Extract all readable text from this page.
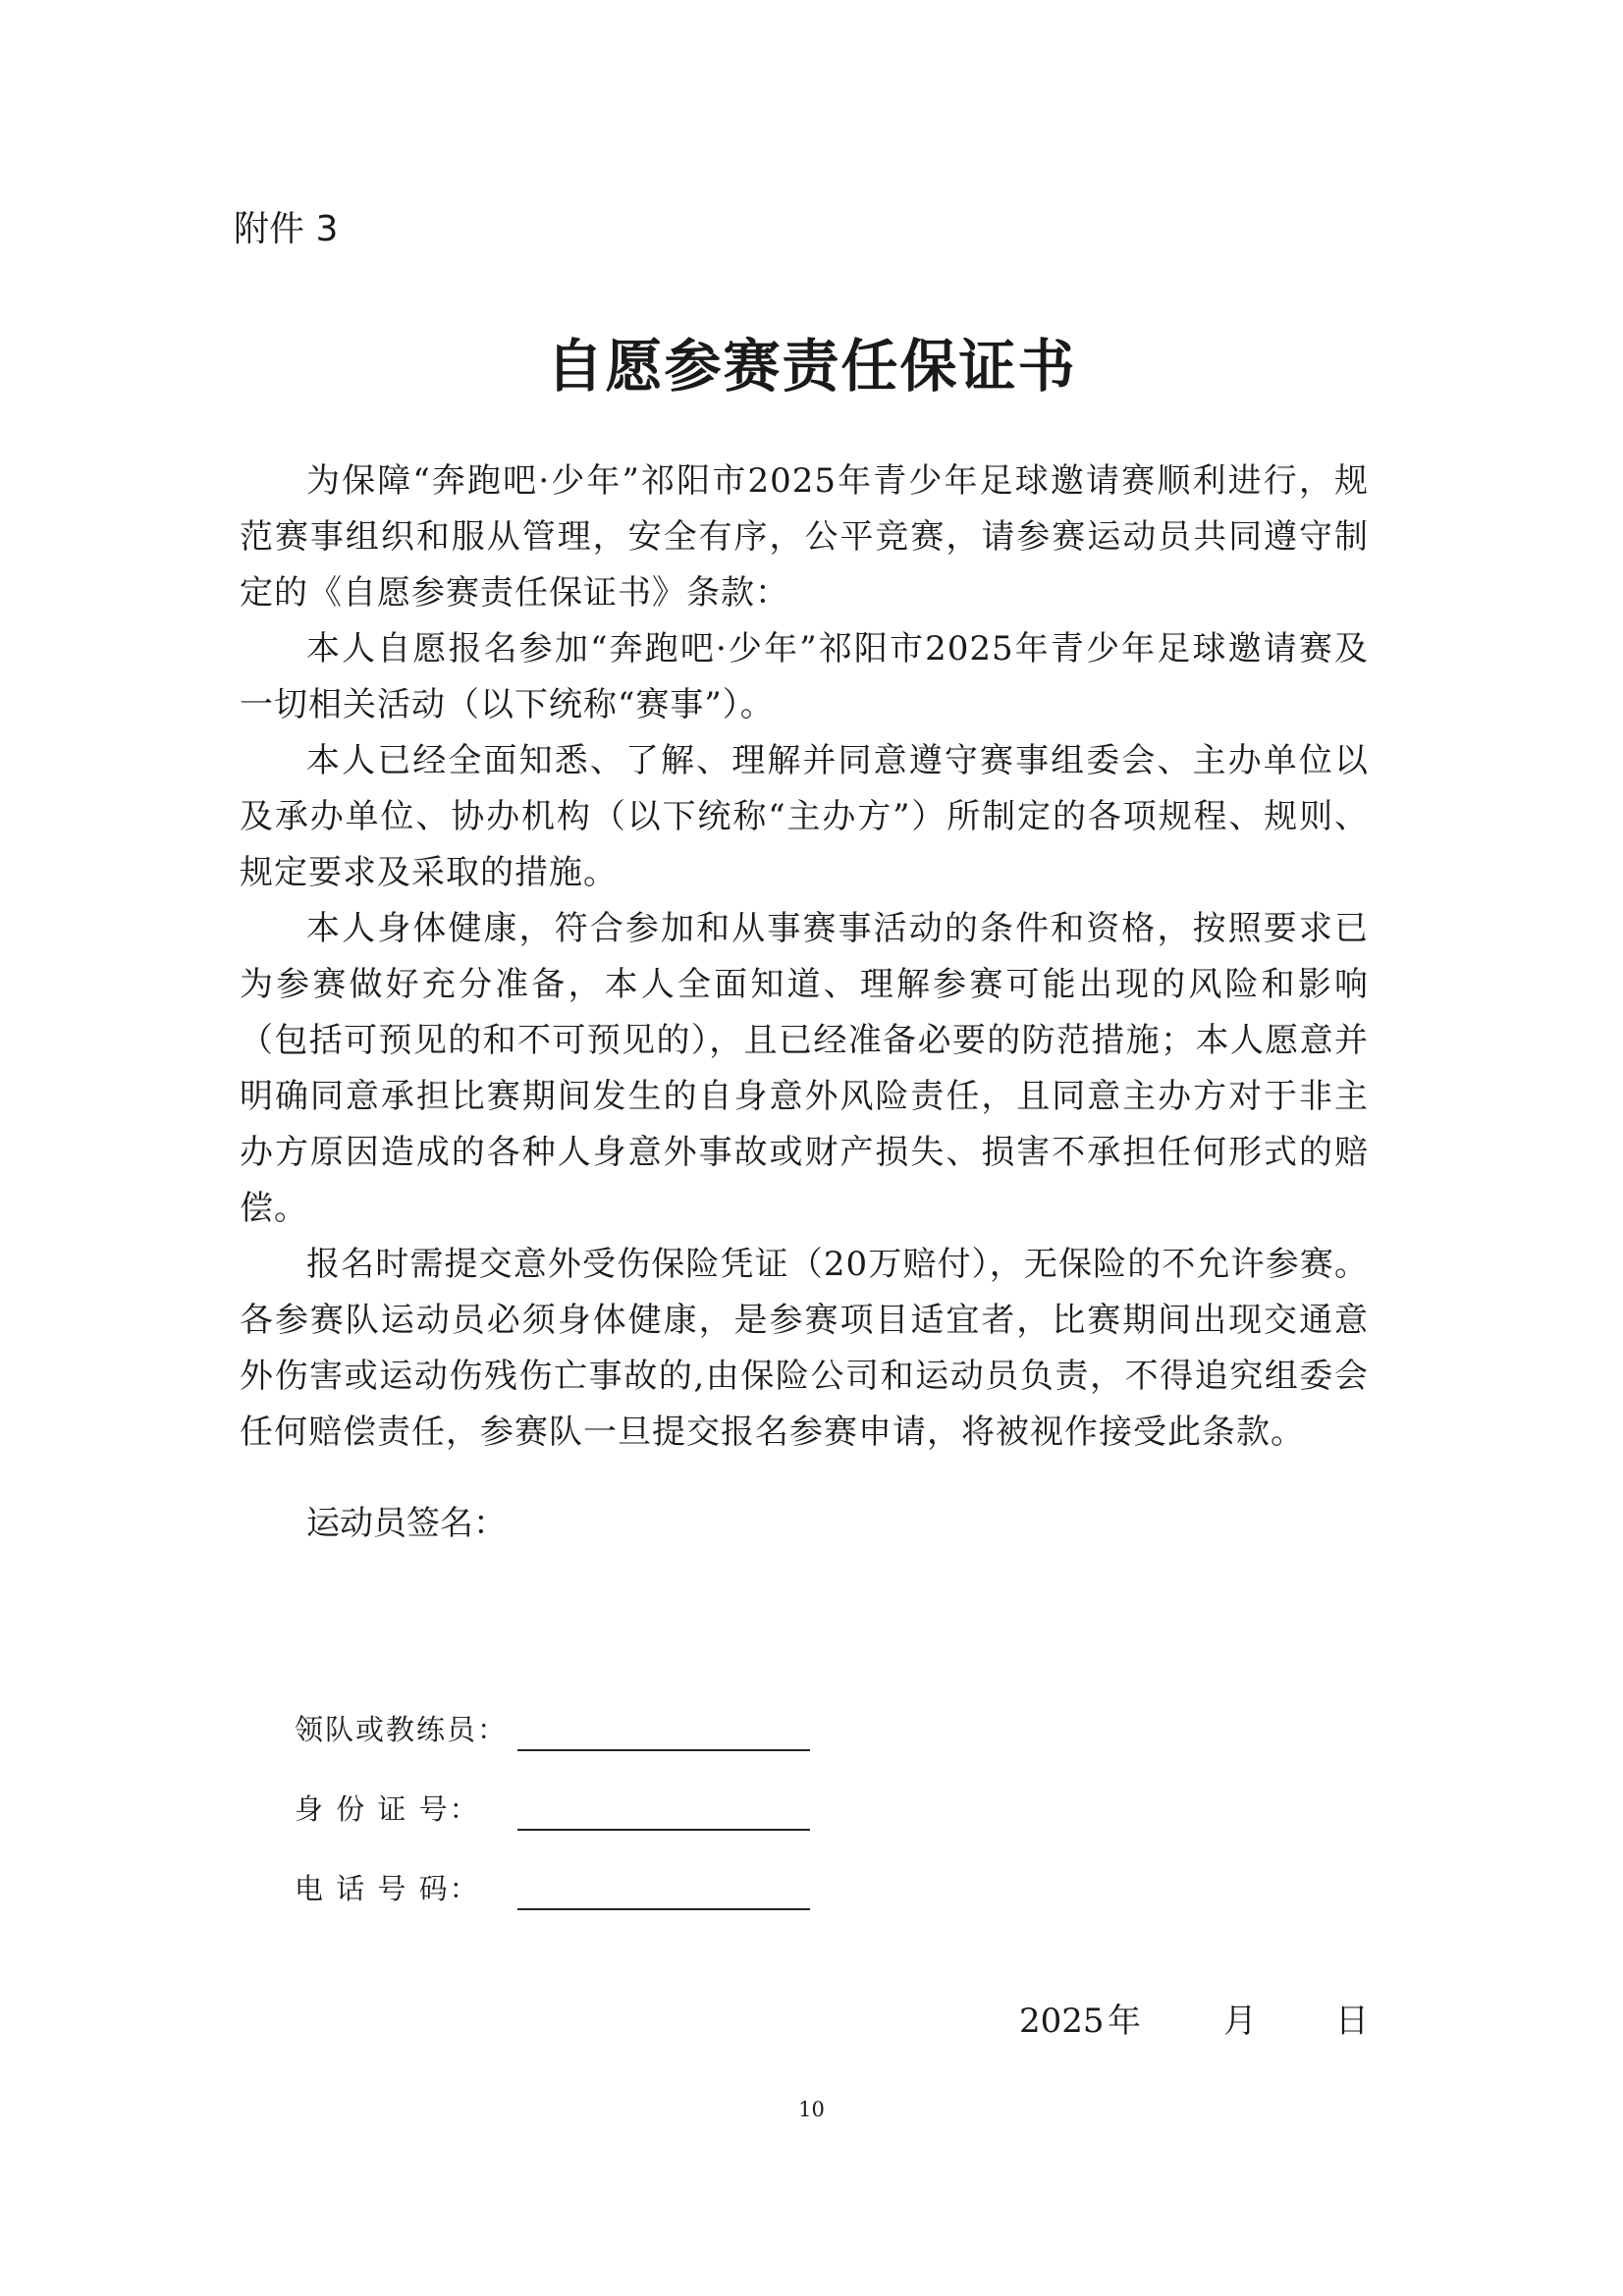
附件 3
自愿参赛责任保证书

为保障“奔跑吧·少年”祁阳市2025年青少年足球邀请赛顺利进行，规范赛事组织和服从管理，安全有序，公平竞赛，请参赛运动员共同遵守制定的《自愿参赛责任保证书》条款：

本人自愿报名参加“奔跑吧·少年”祁阳市2025年青少年足球邀请赛及一切相关活动（以下统称“赛事”）。

本人已经全面知悉、了解、理解并同意遵守赛事组委会、主办单位以及承办单位、协办机构（以下统称“主办方”）所制定的各项规程、规则、规定要求及采取的措施。

本人身体健康，符合参加和从事赛事活动的条件和资格，按照要求已为参赛做好充分准备，本人全面知道、理解参赛可能出现的风险和影响（包括可预见的和不可预见的），且已经准备必要的防范措施；本人愿意并明确同意承担比赛期间发生的自身意外风险责任，且同意主办方对于非主办方原因造成的各种人身意外事故或财产损失、损害不承担任何形式的赔偿。

报名时需提交意外受伤保险凭证（20万赔付），无保险的不允许参赛。各参赛队运动员必须身体健康，是参赛项目适宜者，比赛期间出现交通意外伤害或运动伤残伤亡事故的,由保险公司和运动员负责，不得追究组委会任何赔偿责任，参赛队一旦提交报名参赛申请，将被视作接受此条款。

运动员签名：
领队或教练员：
身 份 证 号：
电 话 号 码：
2025 年 月 日
10
